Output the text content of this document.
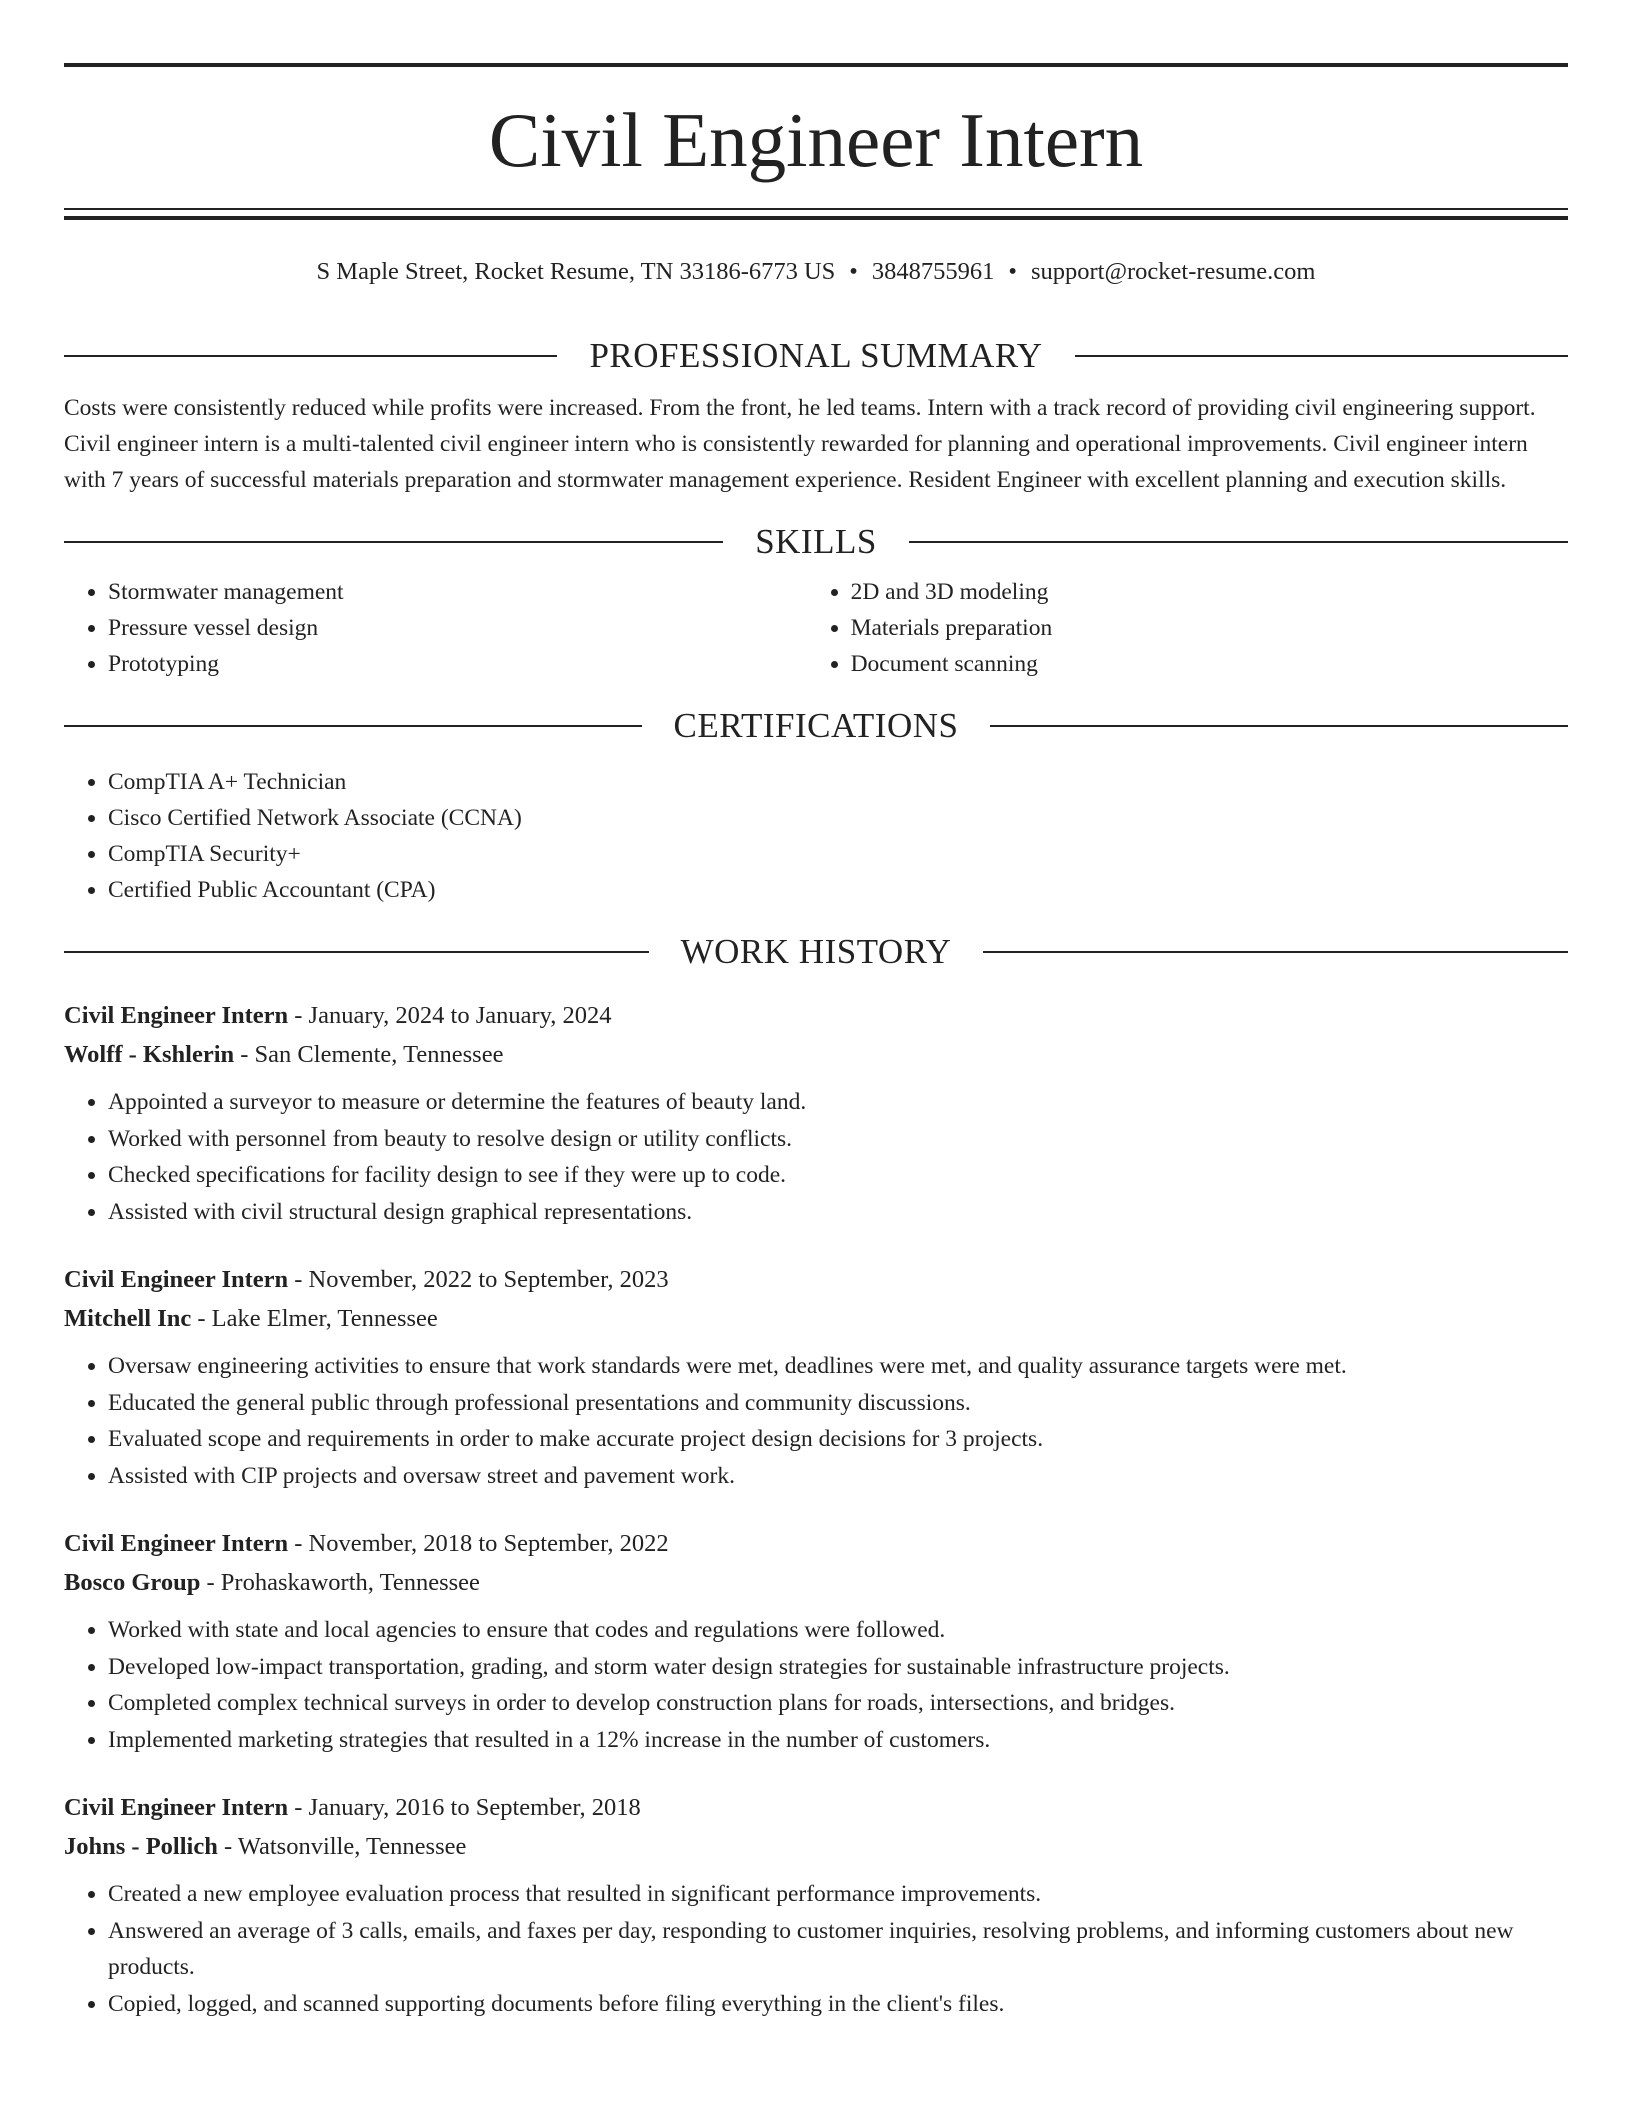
Civil Engineer Intern
S Maple Street, Rocket Resume, TN 33186-6773 US • 3848755961 • support@rocket-resume.com
PROFESSIONAL SUMMARY

Costs were consistently reduced while profits were increased. From the front, he led teams. Intern with a track record of providing civil engineering support. Civil engineer intern is a multi-talented civil engineer intern who is consistently rewarded for planning and operational improvements. Civil engineer intern with 7 years of successful materials preparation and stormwater management experience. Resident Engineer with excellent planning and execution skills.

SKILLS
• Stormwater management
• Pressure vessel design
• Prototyping
• 2D and 3D modeling
• Materials preparation
• Document scanning
CERTIFICATIONS
• CompTIA A+ Technician
• Cisco Certified Network Associate (CCNA)
• CompTIA Security+
• Certified Public Accountant (CPA)
WORK HISTORY
Civil Engineer Intern - January, 2024 to January, 2024
Wolff - Kshlerin - San Clemente, Tennessee
• Appointed a surveyor to measure or determine the features of beauty land.
• Worked with personnel from beauty to resolve design or utility conflicts.
• Checked specifications for facility design to see if they were up to code.
• Assisted with civil structural design graphical representations.
Civil Engineer Intern - November, 2022 to September, 2023
Mitchell Inc - Lake Elmer, Tennessee
• Oversaw engineering activities to ensure that work standards were met, deadlines were met, and quality assurance targets were met.
• Educated the general public through professional presentations and community discussions.
• Evaluated scope and requirements in order to make accurate project design decisions for 3 projects.
• Assisted with CIP projects and oversaw street and pavement work.
Civil Engineer Intern - November, 2018 to September, 2022
Bosco Group - Prohaskaworth, Tennessee
• Worked with state and local agencies to ensure that codes and regulations were followed.
• Developed low-impact transportation, grading, and storm water design strategies for sustainable infrastructure projects.
• Completed complex technical surveys in order to develop construction plans for roads, intersections, and bridges.
• Implemented marketing strategies that resulted in a 12% increase in the number of customers.
Civil Engineer Intern - January, 2016 to September, 2018
Johns - Pollich - Watsonville, Tennessee
• Created a new employee evaluation process that resulted in significant performance improvements.
• Answered an average of 3 calls, emails, and faxes per day, responding to customer inquiries, resolving problems, and informing customers about new products.
• Copied, logged, and scanned supporting documents before filing everything in the client's files.
